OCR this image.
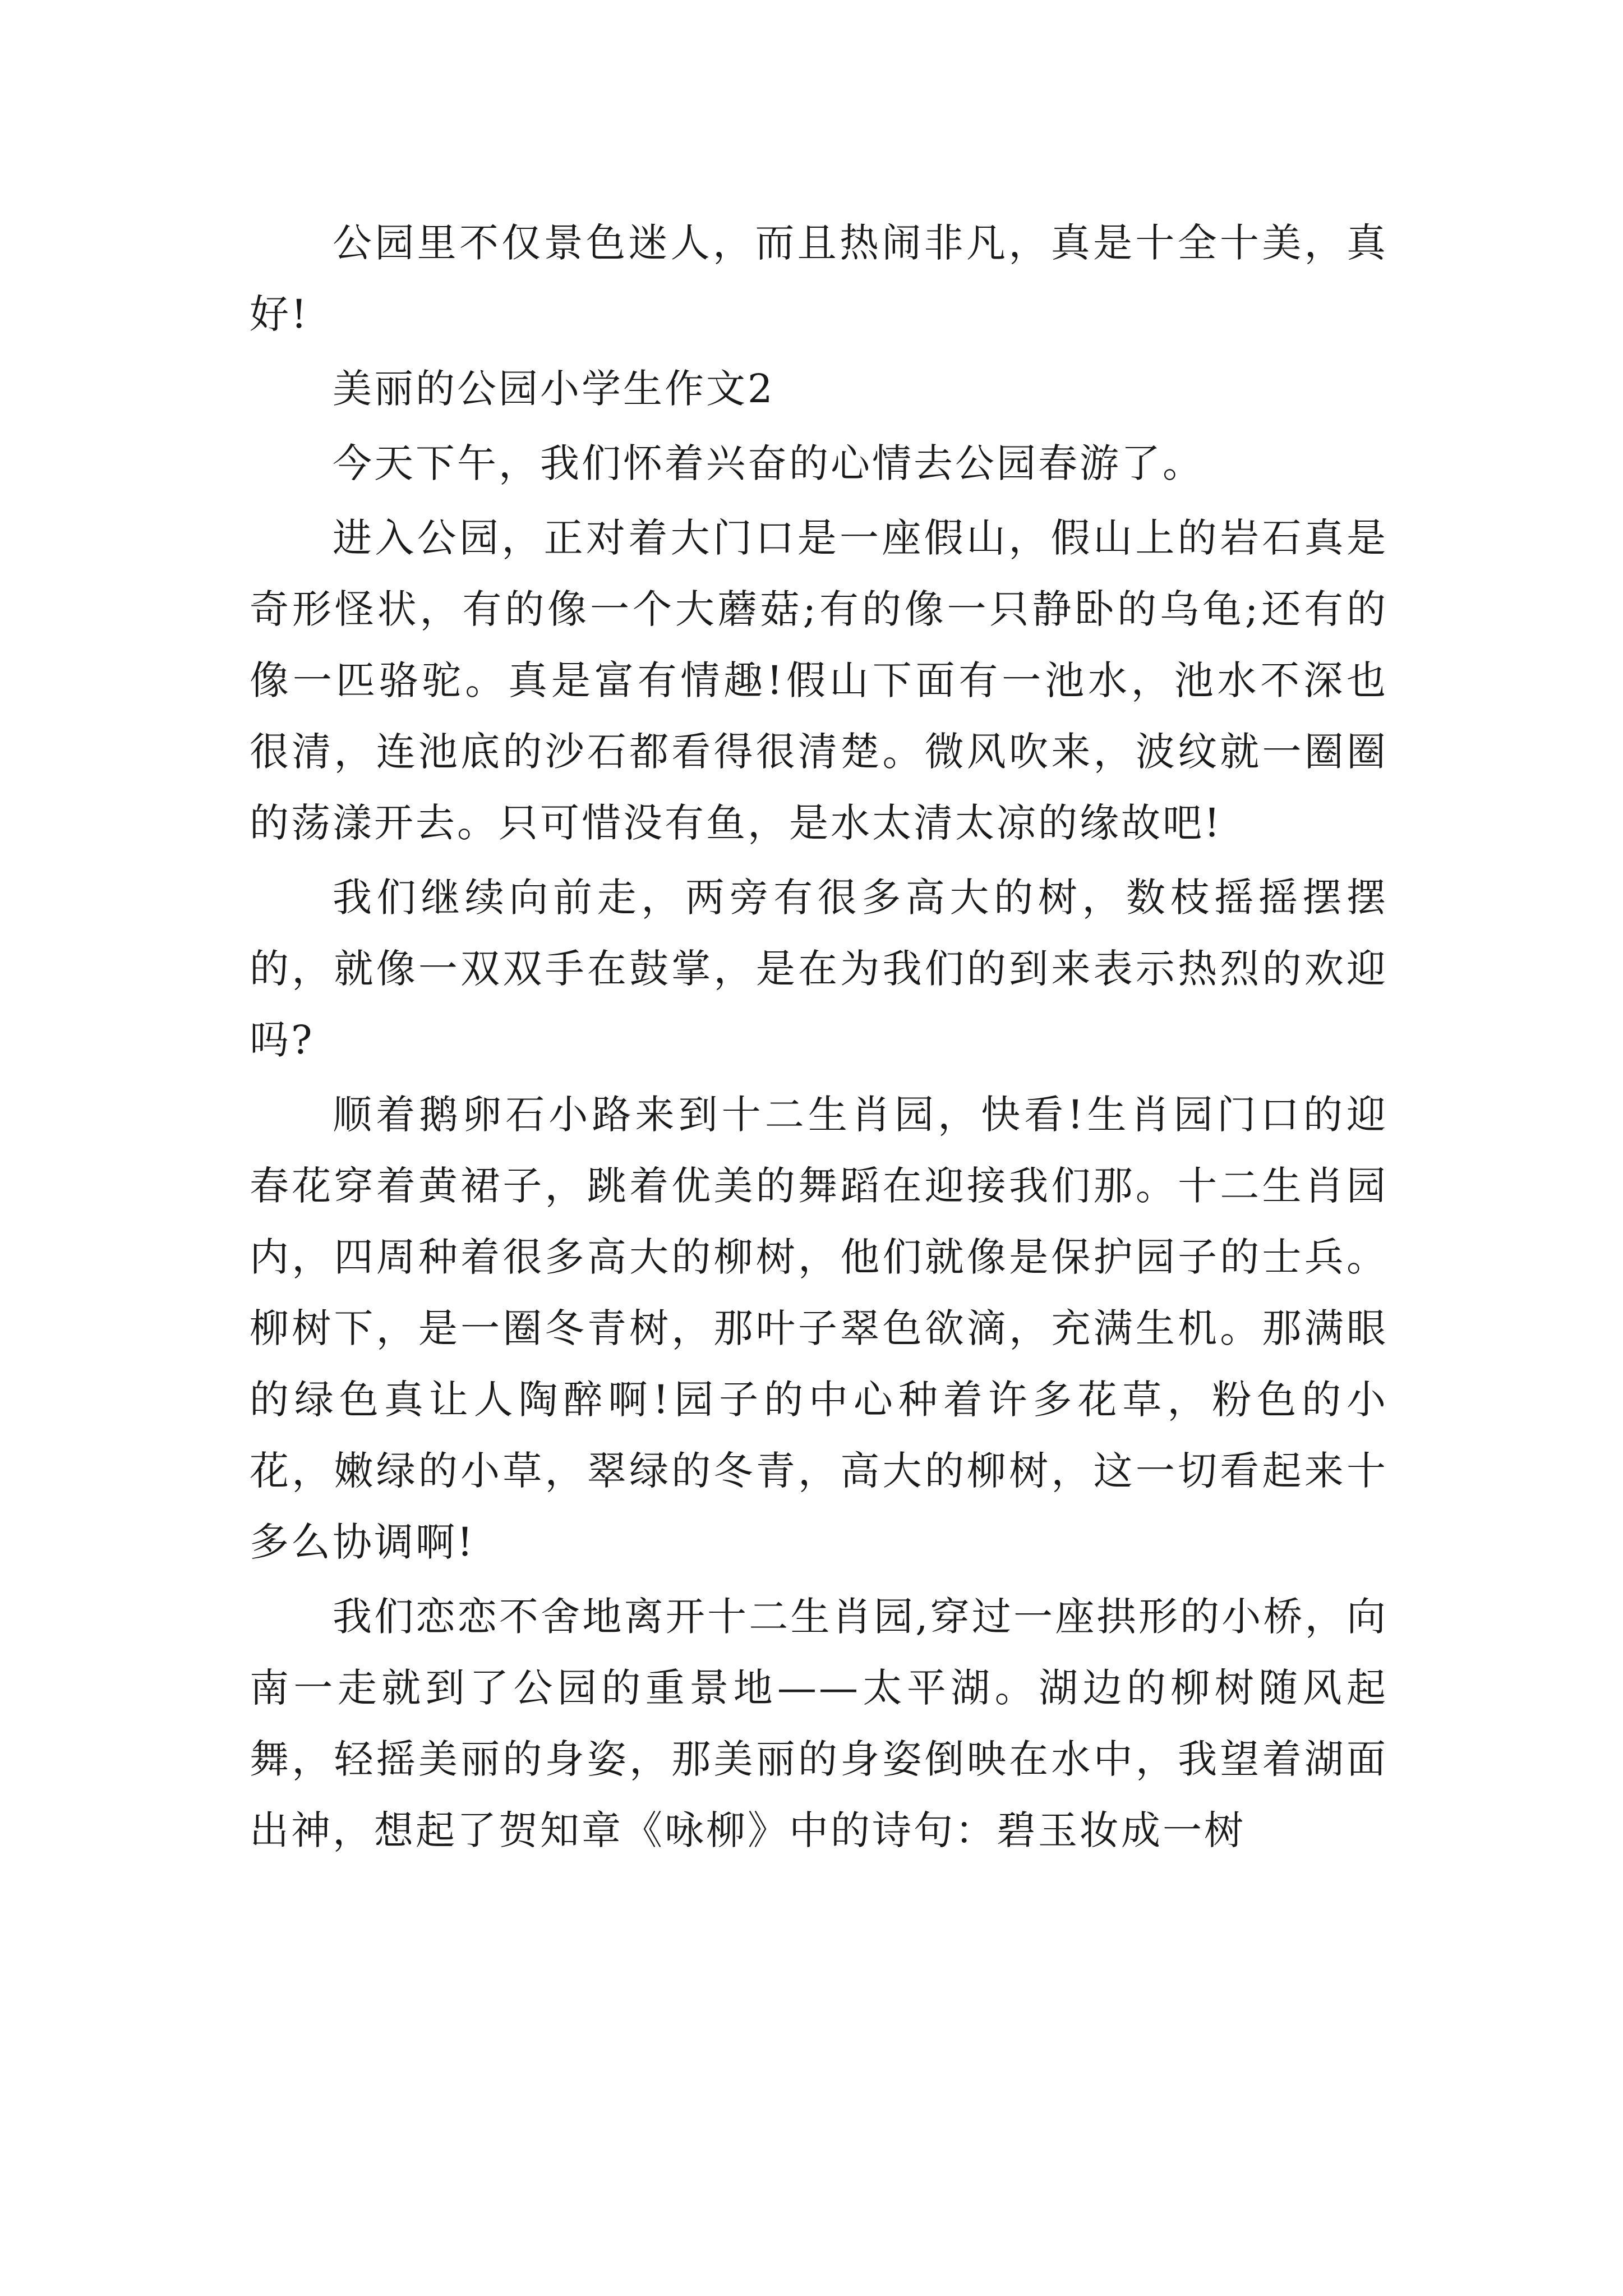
公园里不仅景色迷人，而且热闹非凡，真是十全十美，真好!

美丽的公园小学生作文2

今天下午，我们怀着兴奋的心情去公园春游了。

进入公园，正对着大门口是一座假山，假山上的岩石真是奇形怪状，有的像一个大蘑菇;有的像一只静卧的乌龟;还有的像一匹骆驼。真是富有情趣!假山下面有一池水，池水不深也很清，连池底的沙石都看得很清楚。微风吹来，波纹就一圈圈的荡漾开去。只可惜没有鱼，是水太清太凉的缘故吧!

我们继续向前走，两旁有很多高大的树，数枝摇摇摆摆的，就像一双双手在鼓掌，是在为我们的到来表示热烈的欢迎吗?

顺着鹅卵石小路来到十二生肖园，快看!生肖园门口的迎春花穿着黄裙子，跳着优美的舞蹈在迎接我们那。十二生肖园内，四周种着很多高大的柳树，他们就像是保护园子的士兵。柳树下，是一圈冬青树，那叶子翠色欲滴，充满生机。那满眼的绿色真让人陶醉啊!园子的中心种着许多花草，粉色的小花，嫩绿的小草，翠绿的冬青，高大的柳树，这一切看起来十多么协调啊!

我们恋恋不舍地离开十二生肖园,穿过一座拱形的小桥，向南一走就到了公园的重景地——太平湖。湖边的柳树随风起舞，轻摇美丽的身姿，那美丽的身姿倒映在水中，我望着湖面出神，想起了贺知章《咏柳》中的诗句：碧玉妆成一树
